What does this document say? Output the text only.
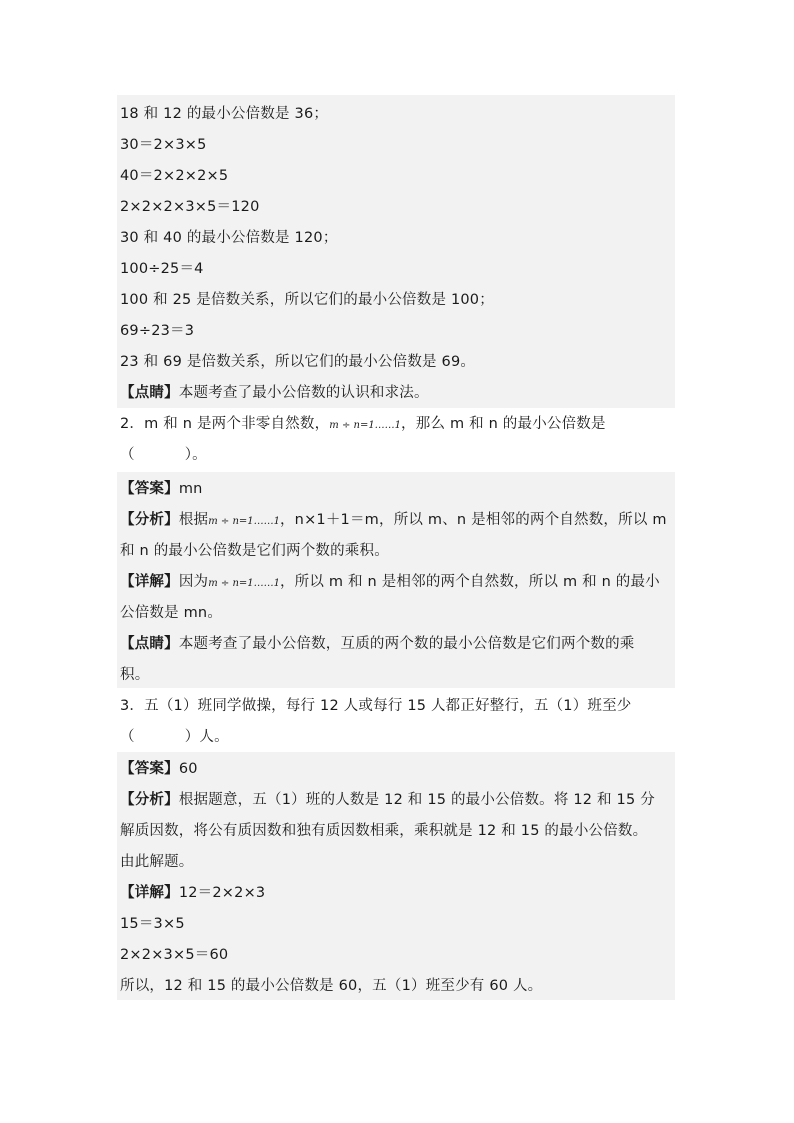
18 和 12 的最小公倍数是 36；
30＝2×3×5
40＝2×2×2×5
2×2×2×3×5＝120
30 和 40 的最小公倍数是 120；
100÷25＝4
100 和 25 是倍数关系，所以它们的最小公倍数是 100；
69÷23＝3
23 和 69 是倍数关系，所以它们的最小公倍数是 69。
【点睛】本题考查了最小公倍数的认识和求法。
2．m 和 n 是两个非零自然数，m ÷ n=1……1，那么 m 和 n 的最小公倍数是
（	）。
【答案】mn
【分析】根据m ÷ n=1……1，n×1＋1＝m，所以 m、n 是相邻的两个自然数，所以 m
和 n 的最小公倍数是它们两个数的乘积。
【详解】因为m ÷ n=1……1，所以 m 和 n 是相邻的两个自然数，所以 m 和 n 的最小
公倍数是 mn。
【点睛】本题考查了最小公倍数，互质的两个数的最小公倍数是它们两个数的乘
积。
3．五（1）班同学做操，每行 12 人或每行 15 人都正好整行，五（1）班至少
（	）人。
【答案】60
【分析】根据题意，五（1）班的人数是 12 和 15 的最小公倍数。将 12 和 15 分
解质因数，将公有质因数和独有质因数相乘，乘积就是 12 和 15 的最小公倍数。
由此解题。
【详解】12＝2×2×3
15＝3×5
2×2×3×5＝60
所以，12 和 15 的最小公倍数是 60，五（1）班至少有 60 人。
